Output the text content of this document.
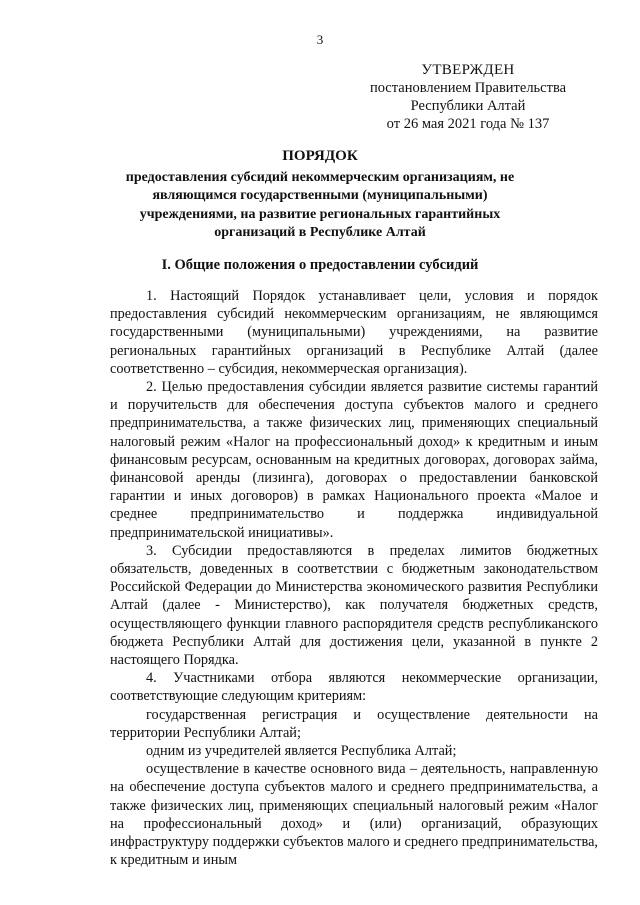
3
УТВЕРЖДЕН
постановлением Правительства
Республики Алтай
от 26 мая 2021 года № 137
ПОРЯДОК
предоставления субсидий некоммерческим организациям, не являющимся государственными (муниципальными) учреждениями, на развитие региональных гарантийных организаций в Республике Алтай
I. Общие положения о предоставлении субсидий

1. Настоящий Порядок устанавливает цели, условия и порядок предоставления субсидий некоммерческим организациям, не являющимся государственными (муниципальными) учреждениями, на развитие региональных гарантийных организаций в Республике Алтай (далее соответственно – субсидия, некоммерческая организация).

2. Целью предоставления субсидии является развитие системы гарантий и поручительств для обеспечения доступа субъектов малого и среднего предпринимательства, а также физических лиц, применяющих специальный налоговый режим «Налог на профессиональный доход» к кредитным и иным финансовым ресурсам, основанным на кредитных договорах, договорах займа, финансовой аренды (лизинга), договорах о предоставлении банковской гарантии и иных договоров) в рамках Национального проекта «Малое и среднее предпринимательство и поддержка индивидуальной предпринимательской инициативы».

3. Субсидии предоставляются в пределах лимитов бюджетных обязательств, доведенных в соответствии с бюджетным законодательством Российской Федерации до Министерства экономического развития Республики Алтай (далее - Министерство), как получателя бюджетных средств, осуществляющего функции главного распорядителя средств республиканского бюджета Республики Алтай для достижения цели, указанной в пункте 2 настоящего Порядка.

4. Участниками отбора являются некоммерческие организации, соответствующие следующим критериям:

государственная регистрация и осуществление деятельности на территории Республики Алтай;

одним из учредителей является Республика Алтай;

осуществление в качестве основного вида – деятельность, направленную на обеспечение доступа субъектов малого и среднего предпринимательства, а также физических лиц, применяющих специальный налоговый режим «Налог на профессиональный доход» и (или) организаций, образующих инфраструктуру поддержки субъектов малого и среднего предпринимательства, к кредитным и иным
